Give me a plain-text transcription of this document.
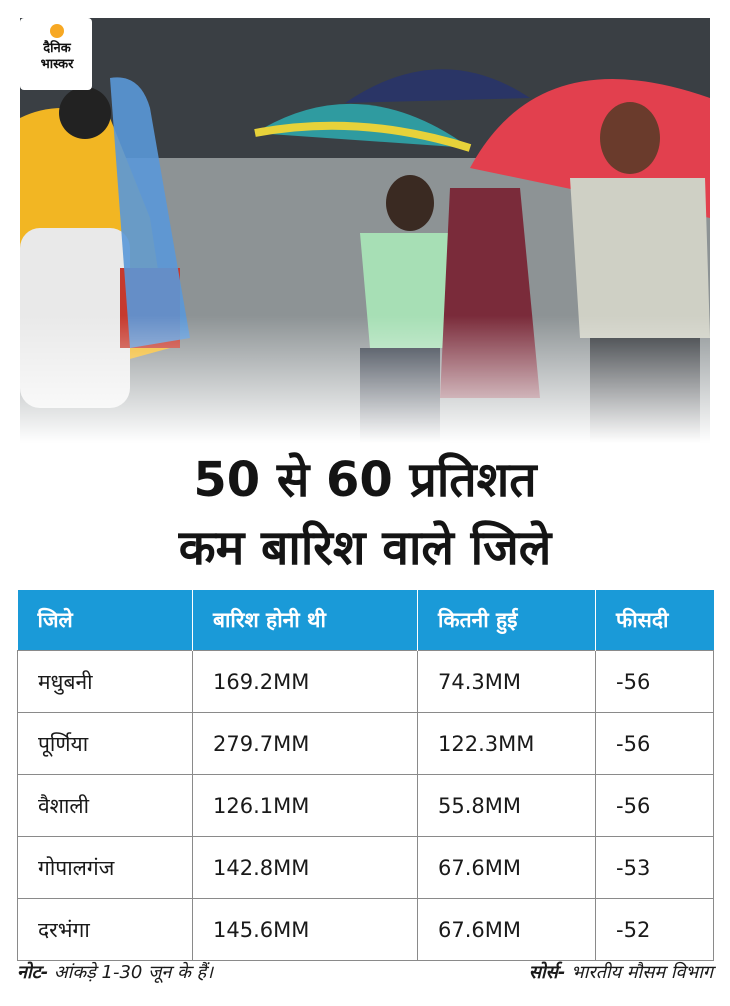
दैनिक
भास्कर
50 से 60 प्रतिशत
कम बारिश वाले जिले
जिले	बारिश होनी थी	कितनी हुई	फीसदी
मधुबनी	169.2MM	74.3MM	-56
पूर्णिया	279.7MM	122.3MM	-56
वैशाली	126.1MM	55.8MM	-56
गोपालगंज	142.8MM	67.6MM	-53
दरभंगा	145.6MM	67.6MM	-52
नोट- आंकड़े 1-30 जून के हैं।	सोर्स- भारतीय मौसम विभाग
